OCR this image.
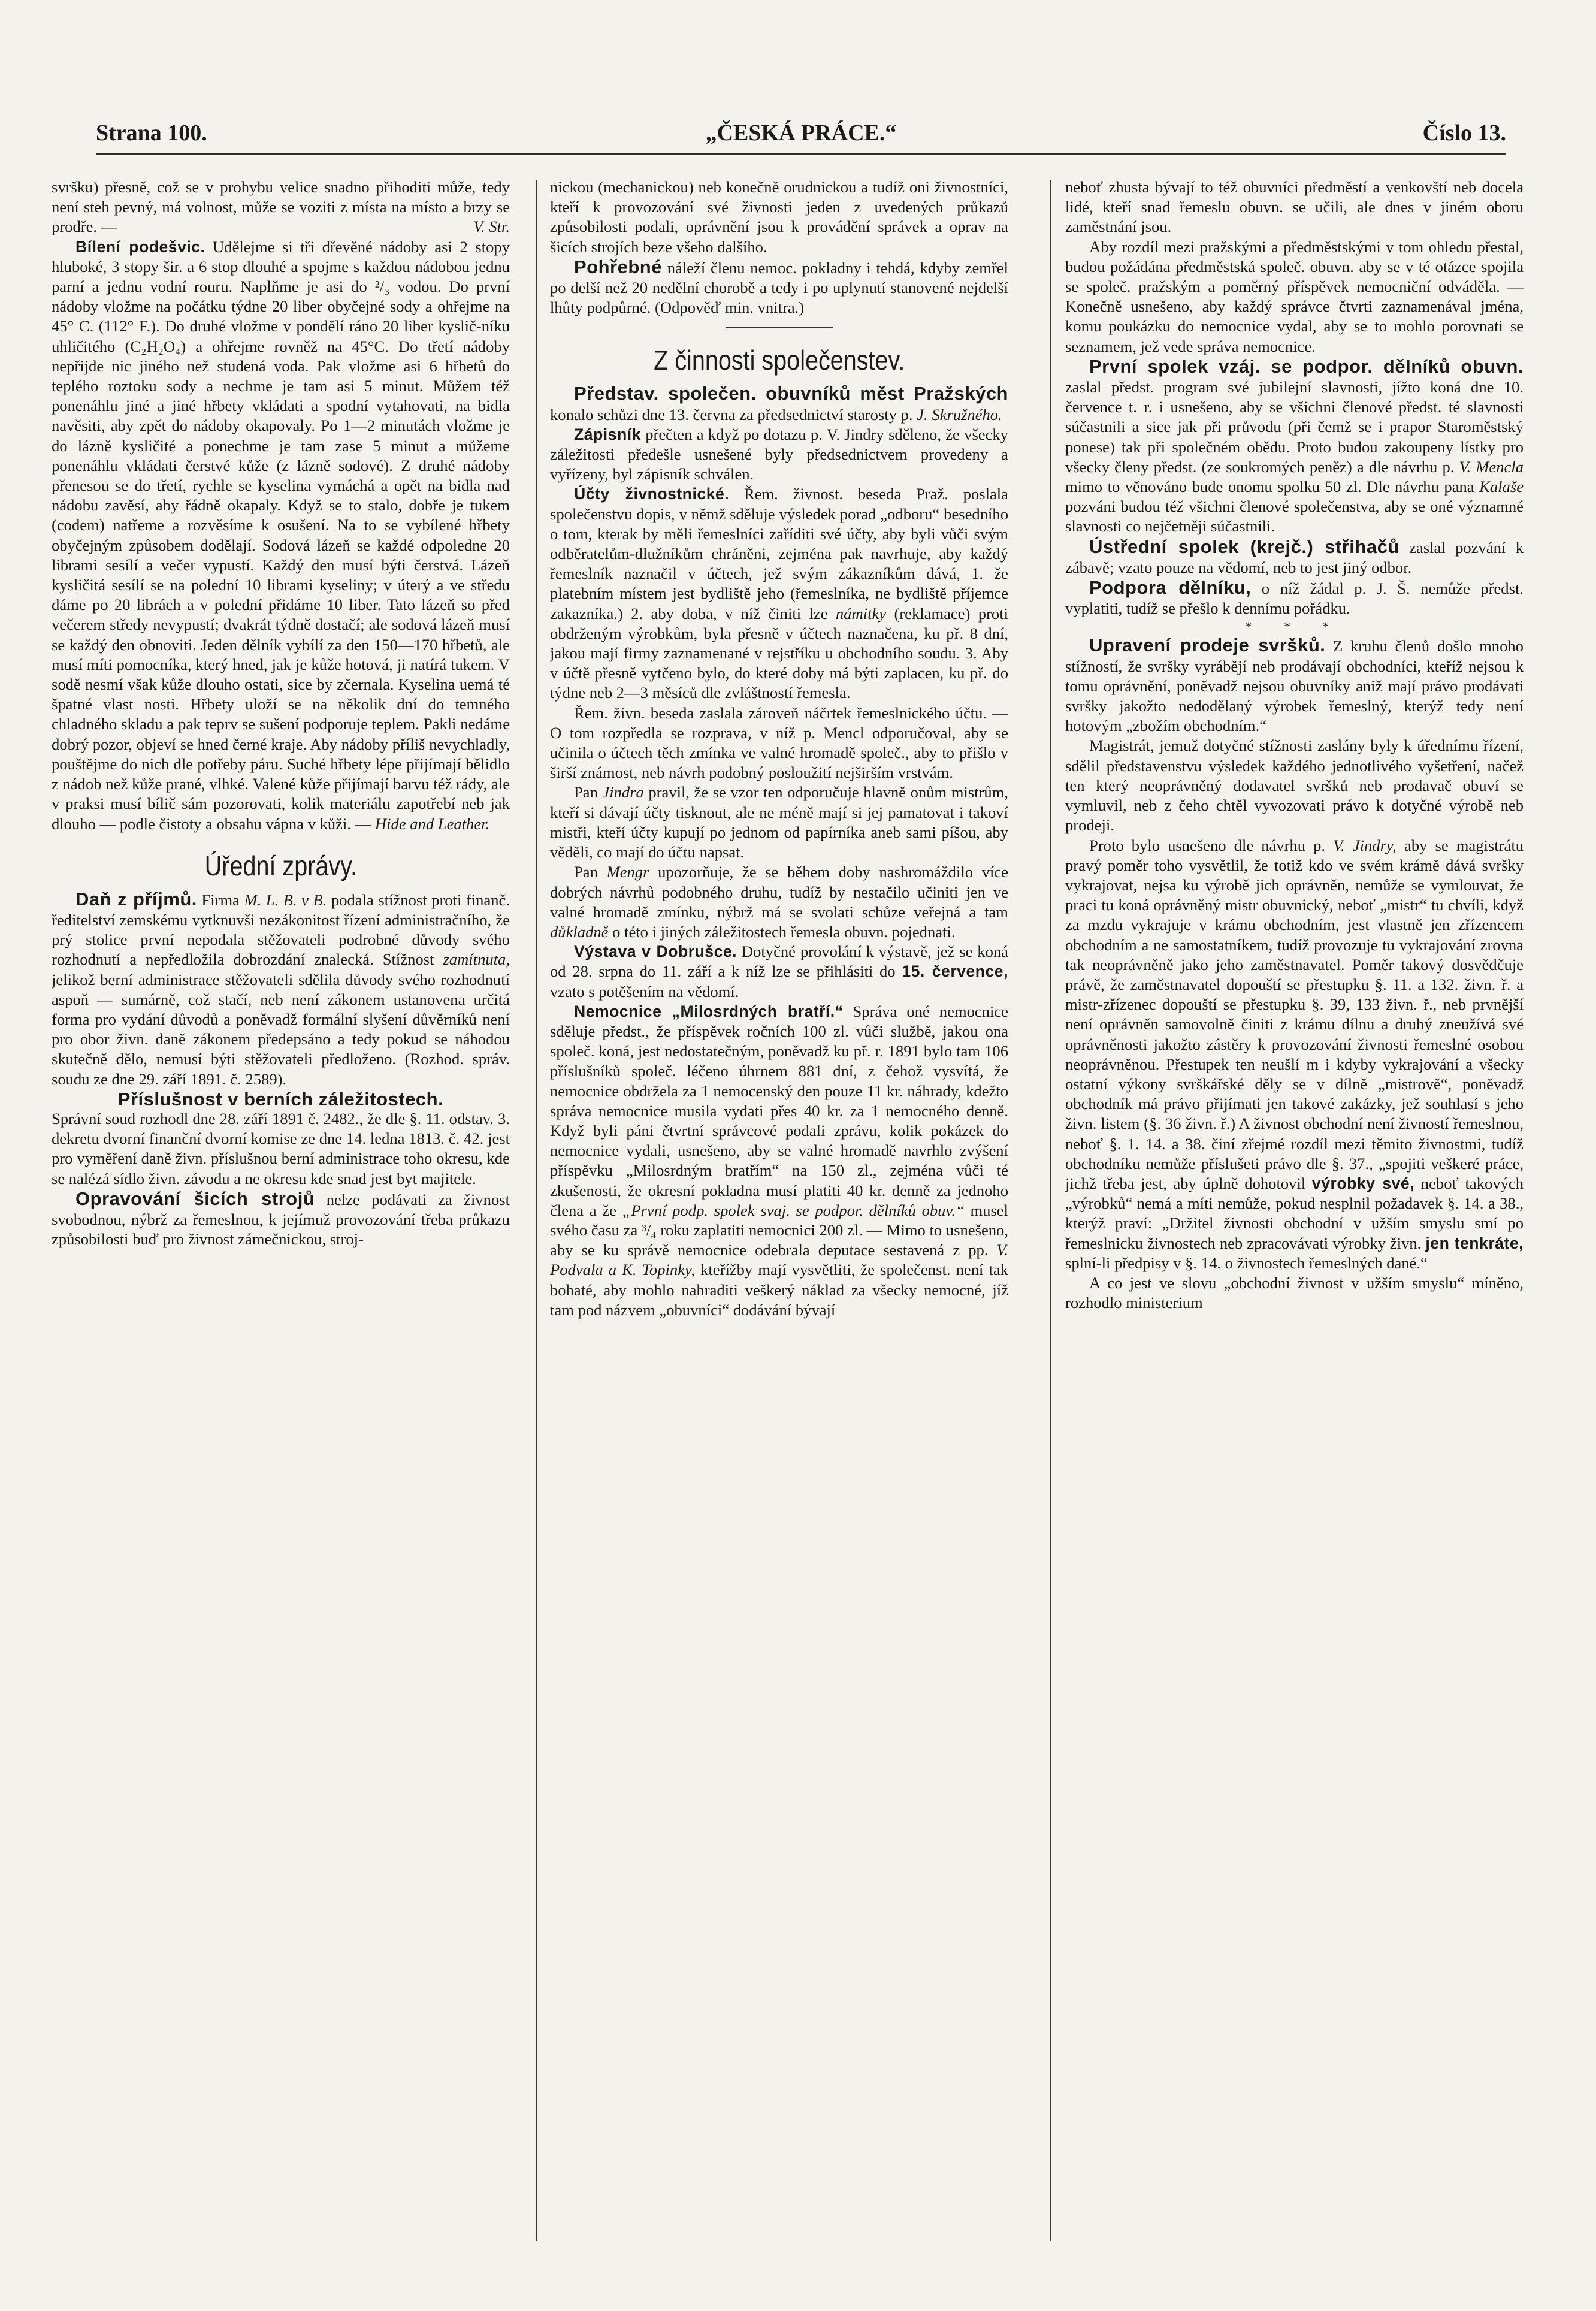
Strana 100.	„ČESKÁ PRÁCE.“	Číslo 13.

svršku) přesně, což se v prohybu velice snadno přihoditi může, tedy není steh pevný, má volnost, může se voziti z místa na místo a brzy se prodře. —	V. Str.

Bílení podešvic. Udělejme si tři dřevěné nádoby asi 2 stopy hluboké, 3 stopy šir. a 6 stop dlouhé a spojme s každou nádobou jednu parní a jednu vodní rouru. Naplňme je asi do ²/₃ vodou. Do první nádoby vložme na počátku týdne 20 liber obyčejné sody a ohřejme na 45° C. (112° F.). Do druhé vložme v pondělí ráno 20 liber kyslič-níku uhličitého (C₂H₂O₄) a ohřejme rovněž na 45°C. Do třetí nádoby nepřijde nic jiného než studená voda. Pak vložme asi 6 hřbetů do teplého roztoku sody a nechme je tam asi 5 minut. Můžem též ponenáhlu jiné a jiné hřbety vkládati a spodní vytahovati, na bidla navěsiti, aby zpět do nádoby okapovaly. Po 1—2 minutách vložme je do lázně kysličité a ponechme je tam zase 5 minut a můžeme ponenáhlu vkládati čerstvé kůže (z lázně sodové). Z druhé nádoby přenesou se do třetí, rychle se kyselina vymáchá a opět na bidla nad nádobu zavěsí, aby řádně okapaly. Když se to stalo, dobře je tukem (codem) natřeme a rozvěsíme k osušení. Na to se vybílené hřbety obyčejným způsobem dodělají. Sodová lázeň se každé odpoledne 20 librami sesílí a večer vypustí. Každý den musí býti čerstvá. Lázeň kysličitá sesílí se na polední 10 librami kyseliny; v úterý a ve středu dáme po 20 librách a v polední přidáme 10 liber. Tato lázeň so před večerem středy nevypustí; dvakrát týdně dostačí; ale sodová lázeň musí se každý den obnoviti. Jeden dělník vybílí za den 150—170 hřbetů, ale musí míti pomocníka, který hned, jak je kůže hotová, ji natírá tukem. V sodě nesmí však kůže dlouho ostati, sice by zčernala. Kyselina uemá té špatné vlast nosti. Hřbety uloží se na několik dní do temného chladného skladu a pak teprv se sušení podporuje teplem. Pakli nedáme dobrý pozor, objeví se hned černé kraje. Aby nádoby příliš nevychladly, pouštějme do nich dle potřeby páru. Suché hřbety lépe přijímají bělidlo z nádob než kůže prané, vlhké. Valené kůže přijímají barvu též rády, ale v praksi musí bílič sám pozorovati, kolik materiálu zapotřebí neb jak dlouho — podle čistoty a obsahu vápna v kůži. — Hide and Leather.

Úřední zprávy.

Daň z příjmů. Firma M. L. B. v B. podala stížnost proti finanč. ředitelství zemskému vytknuvši nezákonitost řízení administračního, že prý stolice první nepodala stěžovateli podrobné důvody svého rozhodnutí a nepředložila dobrozdání znalecká. Stížnost zamítnuta, jelikož berní administrace stěžovateli sdělila důvody svého rozhodnutí aspoň — sumárně, což stačí, neb není zákonem ustanovena určitá forma pro vydání důvodů a poněvadž formální slyšení důvěrníků není pro obor živn. daně zákonem předepsáno a tedy pokud se náhodou skutečně dělo, nemusí býti stěžovateli předloženo. (Rozhod. správ. soudu ze dne 29. září 1891. č. 2589).

Příslušnost v berních záležitostech.

Správní soud rozhodl dne 28. září 1891 č. 2482., že dle §. 11. odstav. 3. dekretu dvorní finanční dvorní komise ze dne 14. ledna 1813. č. 42. jest pro vyměření daně živn. příslušnou berní administrace toho okresu, kde se nalézá sídlo živn. závodu a ne okresu kde snad jest byt majitele.

Opravování šicích strojů nelze podávati za živnost svobodnou, nýbrž za řemeslnou, k jejímuž provozování třeba průkazu způsobilosti buď pro živnost zámečnickou, stroj-

nickou (mechanickou) neb konečně orudnickou a tudíž oni živnostníci, kteří k provozování své živnosti jeden z uvedených průkazů způsobilosti podali, oprávnění jsou k provádění správek a oprav na šicích strojích beze všeho dalšího.

Pohřebné náleží členu nemoc. pokladny i tehdá, kdyby zemřel po delší než 20 nedělní chorobě a tedy i po uplynutí stanovené nejdelší lhůty podpůrné. (Odpověď min. vnitra.)

Z činnosti společenstev.

Představ. společen. obuvníků měst Pražských konalo schůzi dne 13. června za předsednictví starosty p. J. Skružného.

Zápisník přečten a když po dotazu p. V. Jindry sděleno, že všecky záležitosti předešle usnešené byly předsednictvem provedeny a vyřízeny, byl zápisník schválen.

Účty živnostnické. Řem. živnost. beseda Praž. poslala společenstvu dopis, v němž sděluje výsledek porad „odboru“ besedního o tom, kterak by měli řemeslníci zaříditi své účty, aby byli vůči svým odběratelům-dlužníkům chráněni, zejména pak navrhuje, aby každý řemeslník naznačil v účtech, jež svým zákazníkům dává, 1. že platebním místem jest bydliště jeho (řemeslníka, ne bydliště příjemce zakazníka.) 2. aby doba, v níž činiti lze námitky (reklamace) proti obdrženým výrobkům, byla přesně v účtech naznačena, ku př. 8 dní, jakou mají firmy zaznamenané v rejstříku u obchodního soudu. 3. Aby v účtě přesně vytčeno bylo, do které doby má býti zaplacen, ku př. do týdne neb 2—3 měsíců dle zvláštností řemesla.

Řem. živn. beseda zaslala zároveň náčrtek řemeslnického účtu. — O tom rozpředla se rozprava, v níž p. Mencl odporučoval, aby se učinila o účtech těch zmínka ve valné hromadě společ., aby to přišlo v širší známost, neb návrh podobný posloužití nejširším vrstvám.

Pan Jindra pravil, že se vzor ten odporučuje hlavně onům mistrům, kteří si dávají účty tisknout, ale ne méně mají si jej pamatovat i takoví mistři, kteří účty kupují po jednom od papírníka aneb sami píšou, aby věděli, co mají do účtu napsat.

Pan Mengr upozorňuje, že se během doby nashromáždilo více dobrých návrhů podobného druhu, tudíž by nestačilo učiniti jen ve valné hromadě zmínku, nýbrž má se svolati schůze veřejná a tam důkladně o této i jiných záležitostech řemesla obuvn. pojednati.

Výstava v Dobrušce. Dotyčné provolání k výstavě, jež se koná od 28. srpna do 11. září a k níž lze se přihlásiti do 15. července, vzato s potěšením na vědomí.

Nemocnice „Milosrdných bratří.“ Správa oné nemocnice sděluje předst., že příspěvek ročních 100 zl. vůči službě, jakou ona společ. koná, jest nedostatečným, poněvadž ku př. r. 1891 bylo tam 106 příslušníků společ. léčeno úhrnem 881 dní, z čehož vysvítá, že nemocnice obdržela za 1 nemocenský den pouze 11 kr. náhrady, kdežto správa nemocnice musila vydati přes 40 kr. za 1 nemocného denně. Když byli páni čtvrtní správcové podali zprávu, kolik pokázek do nemocnice vydali, usnešeno, aby se valné hromadě navrhlo zvýšení příspěvku „Milosrdným bratřím“ na 150 zl., zejména vůči té zkušenosti, že okresní pokladna musí platiti 40 kr. denně za jednoho člena a že „První podp. spolek svaj. se podpor. dělníků obuv.“ musel svého času za ³/₄ roku zaplatiti nemocnici 200 zl. — Mimo to usnešeno, aby se ku správě nemocnice odebrala deputace sestavená z pp. V. Podvala a K. Topinky, kteřížby mají vysvětliti, že společenst. není tak bohaté, aby mohlo nahraditi veškerý náklad za všecky nemocné, jíž tam pod názvem „obuvníci“ dodávání bývají

neboť zhusta bývají to též obuvníci předměstí a venkovští neb docela lidé, kteří snad řemeslu obuvn. se učili, ale dnes v jiném oboru zaměstnání jsou.

Aby rozdíl mezi pražskými a předměstskými v tom ohledu přestal, budou požádána předměstská společ. obuvn. aby se v té otázce spojila se společ. pražským a poměrný příspěvek nemocniční odváděla. — Konečně usnešeno, aby každý správce čtvrti zaznamenával jména, komu poukázku do nemocnice vydal, aby se to mohlo porovnati se seznamem, jež vede správa nemocnice.

První spolek vzáj. se podpor. dělníků obuvn. zaslal předst. program své jubilejní slavnosti, jížto koná dne 10. července t. r. i usnešeno, aby se všichni členové předst. té slavnosti súčastnili a sice jak při průvodu (při čemž se i prapor Staroměstský ponese) tak při společném obědu. Proto budou zakoupeny lístky pro všecky členy předst. (ze soukromých peněz) a dle návrhu p. V. Mencla mimo to věnováno bude onomu spolku 50 zl. Dle návrhu pana Kalaše pozváni budou též všichni členové společenstva, aby se oné významné slavnosti co nejčetněji súčastnili.

Ústřední spolek (krejč.) střihačů zaslal pozvání k zábavě; vzato pouze na vědomí, neb to jest jiný odbor.

Podpora dělníku, o níž žádal p. J. Š. nemůže předst. vyplatiti, tudíž se přešlo k dennímu pořádku.

* * *

Upravení prodeje svršků. Z kruhu členů došlo mnoho stížností, že svršky vyrábějí neb prodávají obchodníci, kteříž nejsou k tomu oprávnění, poněvadž nejsou obuvníky aniž mají právo prodávati svršky jakožto nedodělaný výrobek řemeslný, kterýž tedy není hotovým „zbožím obchodním.“

Magistrát, jemuž dotyčné stížnosti zaslány byly k úřednímu řízení, sdělil představenstvu výsledek každého jednotlivého vyšetření, načež ten který neoprávněný dodavatel svršků neb prodavač obuví se vymluvil, neb z čeho chtěl vyvozovati právo k dotyčné výrobě neb prodeji.

Proto bylo usnešeno dle návrhu p. V. Jindry, aby se magistrátu pravý poměr toho vysvětlil, že totiž kdo ve svém krámě dává svršky vykrajovat, nejsa ku výrobě jich oprávněn, nemůže se vymlouvat, že praci tu koná oprávněný mistr obuvnický, neboť „mistr“ tu chvíli, když za mzdu vykrajuje v krámu obchodním, jest vlastně jen zřízencem obchodním a ne samostatníkem, tudíž provozuje tu vykrajování zrovna tak neoprávněně jako jeho zaměstnavatel. Poměr takový dosvědčuje právě, že zaměstnavatel dopouští se přestupku §. 11. a 132. živn. ř. a mistr-zřízenec dopouští se přestupku §. 39, 133 živn. ř., neb prvnější není oprávněn samovolně činiti z krámu dílnu a druhý zneužívá své oprávněnosti jakožto zástěry k provozování živnosti řemeslné osobou neoprávněnou. Přestupek ten neušlí m i kdyby vykrajování a všecky ostatní výkony svrškářské děly se v dílně „mistrově“, poněvadž obchodník má právo přijímati jen takové zakázky, jež souhlasí s jeho živn. listem (§. 36 živn. ř.) A živnost obchodní není živností řemeslnou, neboť §. 1. 14. a 38. činí zřejmé rozdíl mezi těmito živnostmi, tudíž obchodníku nemůže příslušeti právo dle §. 37., „spojiti veškeré práce, jichž třeba jest, aby úplně dohotovil výrobky své, neboť takových „výrobků“ nemá a míti nemůže, pokud nesplnil požadavek §. 14. a 38., kterýž praví: „Držitel živnosti obchodní v užším smyslu smí po řemeslnicku živnostech neb zpracovávati výrobky živn. jen tenkráte, splní-li předpisy v §. 14. o živnostech řemeslných dané.“

A co jest ve slovu „obchodní živnost v užším smyslu“ míněno, rozhodlo ministerium
